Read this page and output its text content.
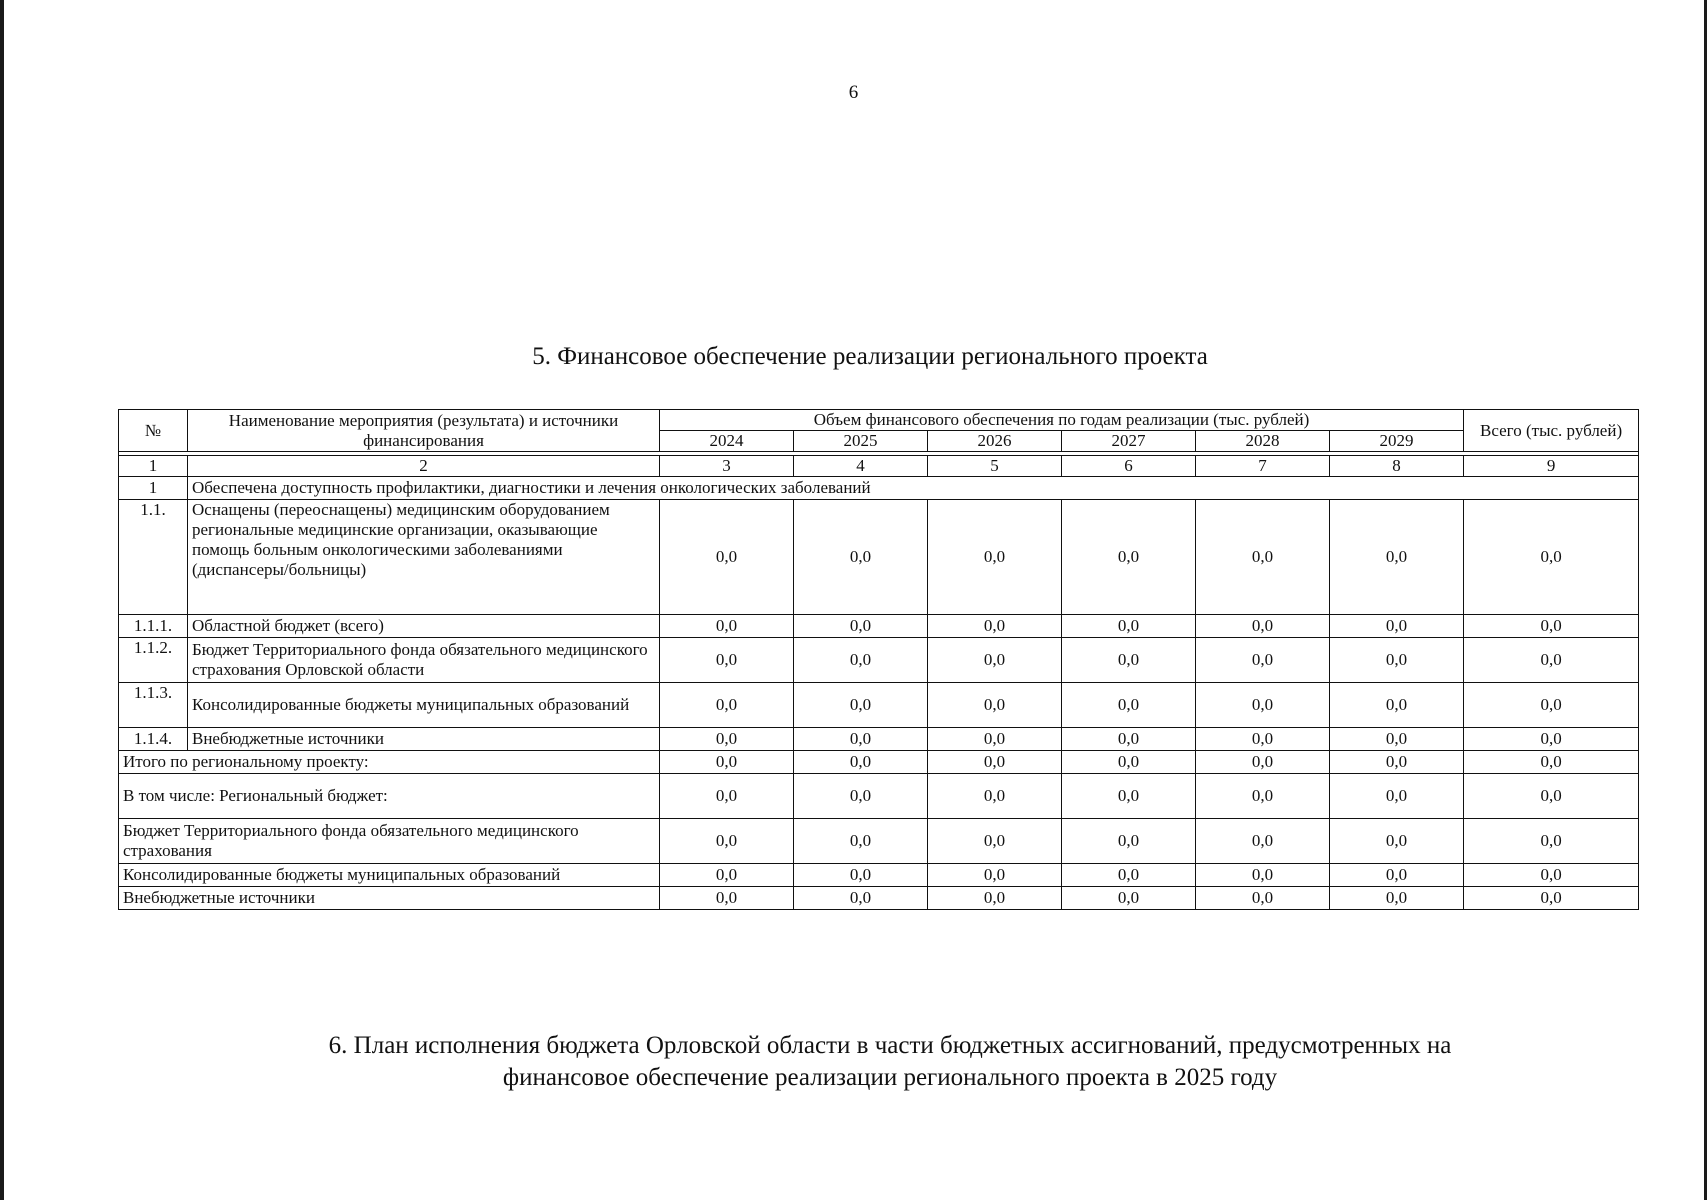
6
5. Финансовое обеспечение реализации регионального проекта
№	Наименование мероприятия (результата) и источники финансирования	Объем финансового обеспечения по годам реализации (тыс. рублей)						Всего (тыс. рублей)
		2024	2025	2026	2027	2028	2029	

1	2	3	4	5	6	7	8	9
1	Обеспечена доступность профилактики, диагностики и лечения онкологических заболеваний							
1.1.	Оснащены (переоснащены) медицинским оборудованием региональные медицинские организации, оказывающие помощь больным онкологическими заболеваниями (диспансеры/больницы)	0,0	0,0	0,0	0,0	0,0	0,0	0,0
1.1.1.	Областной бюджет (всего)	0,0	0,0	0,0	0,0	0,0	0,0	0,0
1.1.2.	Бюджет Территориального фонда обязательного медицинского страхования Орловской области	0,0	0,0	0,0	0,0	0,0	0,0	0,0
1.1.3.	Консолидированные бюджеты муниципальных образований	0,0	0,0	0,0	0,0	0,0	0,0	0,0
1.1.4.	Внебюджетные источники	0,0	0,0	0,0	0,0	0,0	0,0	0,0
Итого по региональному проекту:		0,0	0,0	0,0	0,0	0,0	0,0	0,0
В том числе: Региональный бюджет:		0,0	0,0	0,0	0,0	0,0	0,0	0,0
Бюджет Территориального фонда обязательного медицинского страхования		0,0	0,0	0,0	0,0	0,0	0,0	0,0
Консолидированные бюджеты муниципальных образований		0,0	0,0	0,0	0,0	0,0	0,0	0,0
Внебюджетные источники		0,0	0,0	0,0	0,0	0,0	0,0	0,0
6. План исполнения бюджета Орловской области в части бюджетных ассигнований, предусмотренных на
финансовое обеспечение реализации регионального проекта в 2025 году
